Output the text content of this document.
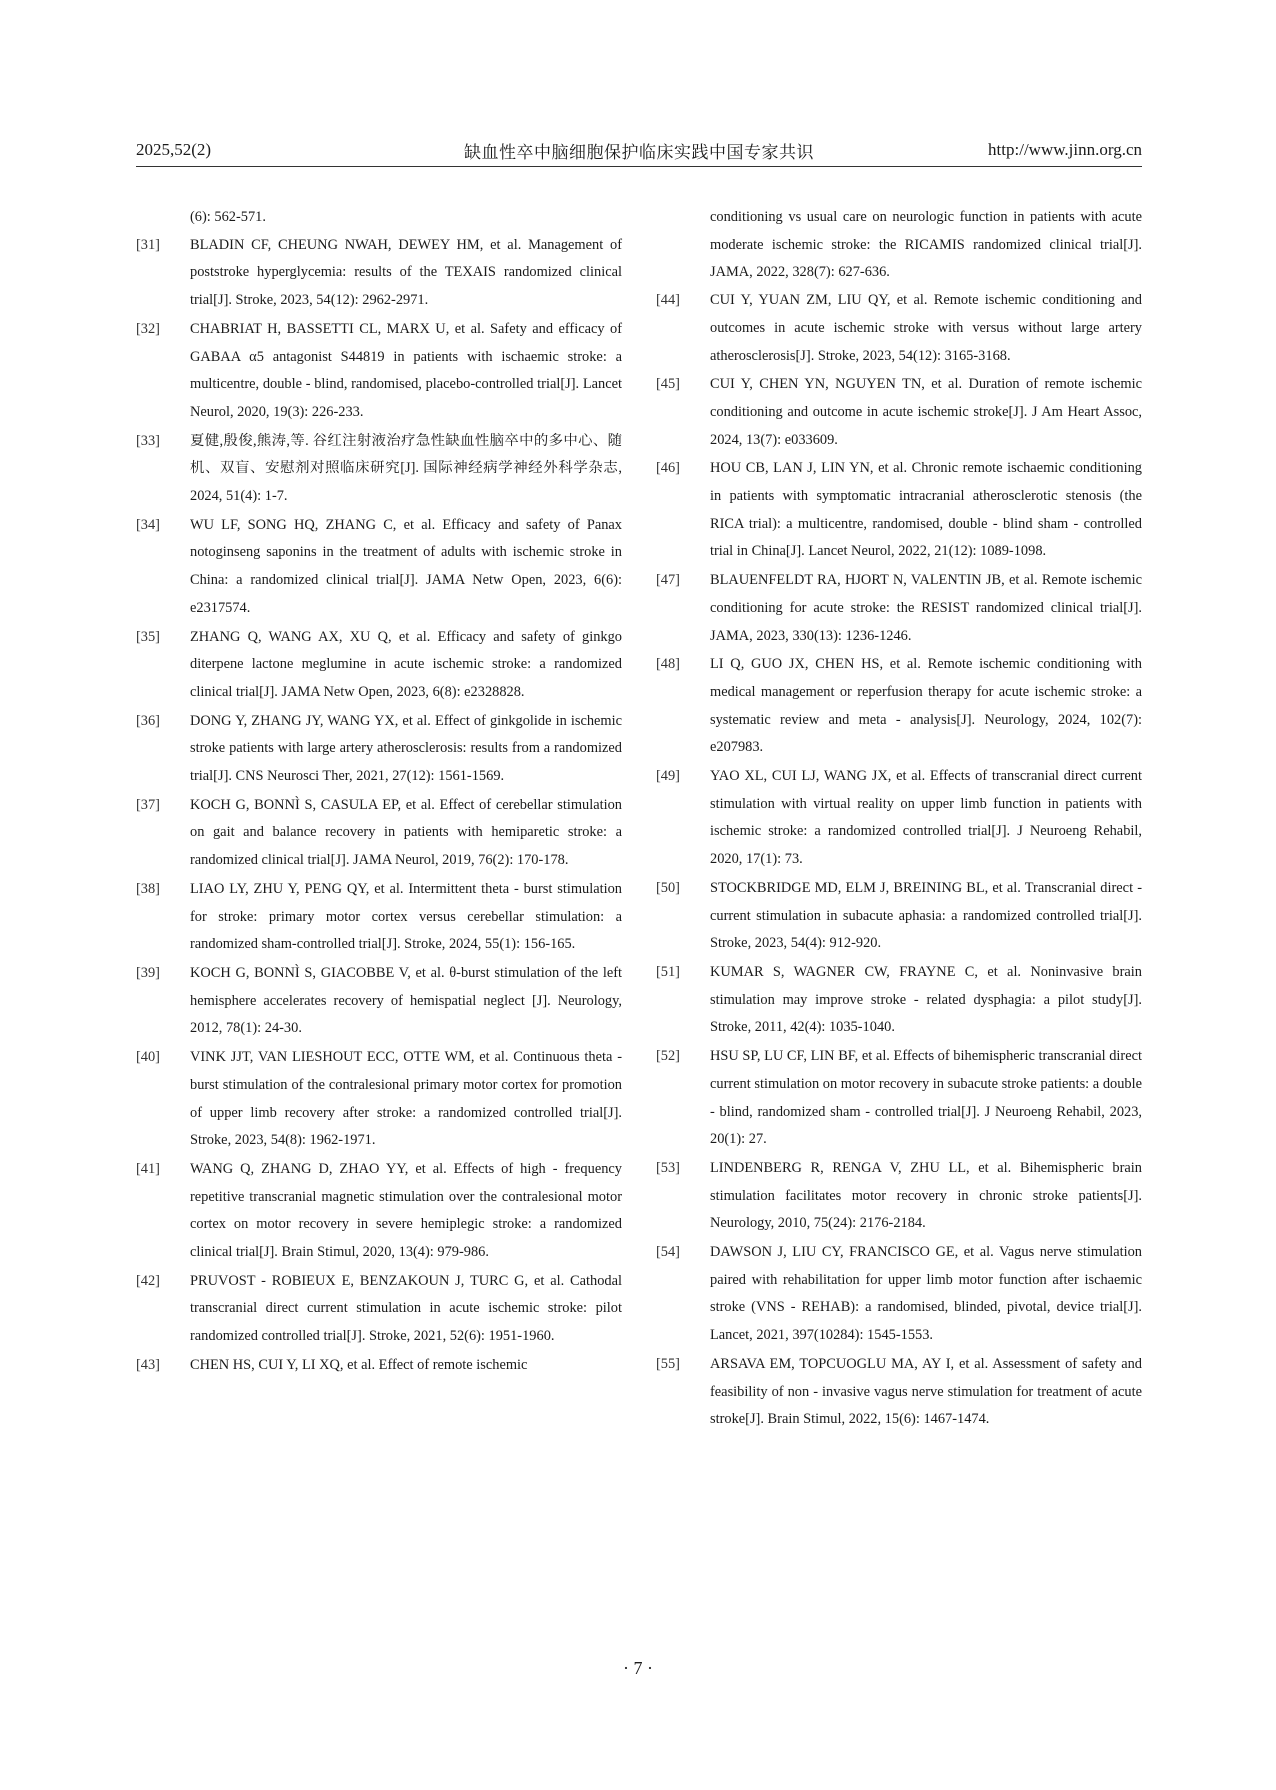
2025,52(2)	缺血性卒中脑细胞保护临床实践中国专家共识	http://www.jinn.org.cn
(6): 562-571.
[31]	BLADIN CF, CHEUNG NWAH, DEWEY HM, et al. Management of poststroke hyperglycemia: results of the TEXAIS randomized clinical trial[J]. Stroke, 2023, 54(12): 2962-2971.
[32]	CHABRIAT H, BASSETTI CL, MARX U, et al. Safety and efficacy of GABAA α5 antagonist S44819 in patients with ischaemic stroke: a multicentre, double - blind, randomised, placebo-controlled trial[J]. Lancet Neurol, 2020, 19(3): 226-233.
[33]	夏健,殷俊,熊涛,等. 谷红注射液治疗急性缺血性脑卒中的多中心、随机、双盲、安慰剂对照临床研究[J]. 国际神经病学神经外科学杂志, 2024, 51(4): 1-7.
[34]	WU LF, SONG HQ, ZHANG C, et al. Efficacy and safety of Panax notoginseng saponins in the treatment of adults with ischemic stroke in China: a randomized clinical trial[J]. JAMA Netw Open, 2023, 6(6): e2317574.
[35]	ZHANG Q, WANG AX, XU Q, et al. Efficacy and safety of ginkgo diterpene lactone meglumine in acute ischemic stroke: a randomized clinical trial[J]. JAMA Netw Open, 2023, 6(8): e2328828.
[36]	DONG Y, ZHANG JY, WANG YX, et al. Effect of ginkgolide in ischemic stroke patients with large artery atherosclerosis: results from a randomized trial[J]. CNS Neurosci Ther, 2021, 27(12): 1561-1569.
[37]	KOCH G, BONNÌ S, CASULA EP, et al. Effect of cerebellar stimulation on gait and balance recovery in patients with hemiparetic stroke: a randomized clinical trial[J]. JAMA Neurol, 2019, 76(2): 170-178.
[38]	LIAO LY, ZHU Y, PENG QY, et al. Intermittent theta - burst stimulation for stroke: primary motor cortex versus cerebellar stimulation: a randomized sham-controlled trial[J]. Stroke, 2024, 55(1): 156-165.
[39]	KOCH G, BONNÌ S, GIACOBBE V, et al. θ-burst stimulation of the left hemisphere accelerates recovery of hemispatial neglect [J]. Neurology, 2012, 78(1): 24-30.
[40]	VINK JJT, VAN LIESHOUT ECC, OTTE WM, et al. Continuous theta - burst stimulation of the contralesional primary motor cortex for promotion of upper limb recovery after stroke: a randomized controlled trial[J]. Stroke, 2023, 54(8): 1962-1971.
[41]	WANG Q, ZHANG D, ZHAO YY, et al. Effects of high - frequency repetitive transcranial magnetic stimulation over the contralesional motor cortex on motor recovery in severe hemiplegic stroke: a randomized clinical trial[J]. Brain Stimul, 2020, 13(4): 979-986.
[42]	PRUVOST - ROBIEUX E, BENZAKOUN J, TURC G, et al. Cathodal transcranial direct current stimulation in acute ischemic stroke: pilot randomized controlled trial[J]. Stroke, 2021, 52(6): 1951-1960.
[43]	CHEN HS, CUI Y, LI XQ, et al. Effect of remote ischemic
conditioning vs usual care on neurologic function in patients with acute moderate ischemic stroke: the RICAMIS randomized clinical trial[J]. JAMA, 2022, 328(7): 627-636.
[44]	CUI Y, YUAN ZM, LIU QY, et al. Remote ischemic conditioning and outcomes in acute ischemic stroke with versus without large artery atherosclerosis[J]. Stroke, 2023, 54(12): 3165-3168.
[45]	CUI Y, CHEN YN, NGUYEN TN, et al. Duration of remote ischemic conditioning and outcome in acute ischemic stroke[J]. J Am Heart Assoc, 2024, 13(7): e033609.
[46]	HOU CB, LAN J, LIN YN, et al. Chronic remote ischaemic conditioning in patients with symptomatic intracranial atherosclerotic stenosis (the RICA trial): a multicentre, randomised, double - blind sham - controlled trial in China[J]. Lancet Neurol, 2022, 21(12): 1089-1098.
[47]	BLAUENFELDT RA, HJORT N, VALENTIN JB, et al. Remote ischemic conditioning for acute stroke: the RESIST randomized clinical trial[J]. JAMA, 2023, 330(13): 1236-1246.
[48]	LI Q, GUO JX, CHEN HS, et al. Remote ischemic conditioning with medical management or reperfusion therapy for acute ischemic stroke: a systematic review and meta - analysis[J]. Neurology, 2024, 102(7): e207983.
[49]	YAO XL, CUI LJ, WANG JX, et al. Effects of transcranial direct current stimulation with virtual reality on upper limb function in patients with ischemic stroke: a randomized controlled trial[J]. J Neuroeng Rehabil, 2020, 17(1): 73.
[50]	STOCKBRIDGE MD, ELM J, BREINING BL, et al. Transcranial direct - current stimulation in subacute aphasia: a randomized controlled trial[J]. Stroke, 2023, 54(4): 912-920.
[51]	KUMAR S, WAGNER CW, FRAYNE C, et al. Noninvasive brain stimulation may improve stroke - related dysphagia: a pilot study[J]. Stroke, 2011, 42(4): 1035-1040.
[52]	HSU SP, LU CF, LIN BF, et al. Effects of bihemispheric transcranial direct current stimulation on motor recovery in subacute stroke patients: a double - blind, randomized sham - controlled trial[J]. J Neuroeng Rehabil, 2023, 20(1): 27.
[53]	LINDENBERG R, RENGA V, ZHU LL, et al. Bihemispheric brain stimulation facilitates motor recovery in chronic stroke patients[J]. Neurology, 2010, 75(24): 2176-2184.
[54]	DAWSON J, LIU CY, FRANCISCO GE, et al. Vagus nerve stimulation paired with rehabilitation for upper limb motor function after ischaemic stroke (VNS - REHAB): a randomised, blinded, pivotal, device trial[J]. Lancet, 2021, 397(10284): 1545-1553.
[55]	ARSAVA EM, TOPCUOGLU MA, AY I, et al. Assessment of safety and feasibility of non - invasive vagus nerve stimulation for treatment of acute stroke[J]. Brain Stimul, 2022, 15(6): 1467-1474.
· 7 ·
